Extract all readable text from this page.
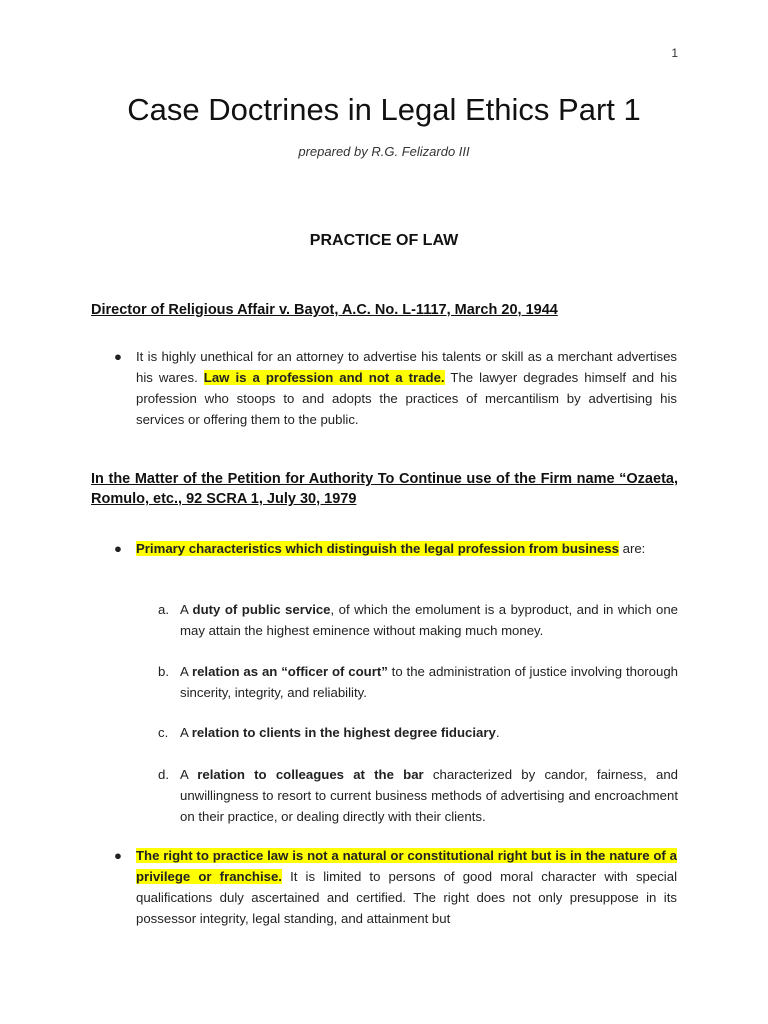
1
Case Doctrines in Legal Ethics Part 1
prepared by R.G. Felizardo III
PRACTICE OF LAW
Director of Religious Affair v. Bayot, A.C. No. L-1117, March 20, 1944
● It is highly unethical for an attorney to advertise his talents or skill as a merchant advertises his wares. Law is a profession and not a trade. The lawyer degrades himself and his profession who stoops to and adopts the practices of mercantilism by advertising his services or offering them to the public.
In the Matter of the Petition for Authority To Continue use of the Firm name “Ozaeta, Romulo, etc., 92 SCRA 1, July 30, 1979
● Primary characteristics which distinguish the legal profession from business are:
a. A duty of public service, of which the emolument is a byproduct, and in which one may attain the highest eminence without making much money.
b. A relation as an “officer of court” to the administration of justice involving thorough sincerity, integrity, and reliability.
c. A relation to clients in the highest degree fiduciary.
d. A relation to colleagues at the bar characterized by candor, fairness, and unwillingness to resort to current business methods of advertising and encroachment on their practice, or dealing directly with their clients.
● The right to practice law is not a natural or constitutional right but is in the nature of a privilege or franchise. It is limited to persons of good moral character with special qualifications duly ascertained and certified. The right does not only presuppose in its possessor integrity, legal standing, and attainment but
